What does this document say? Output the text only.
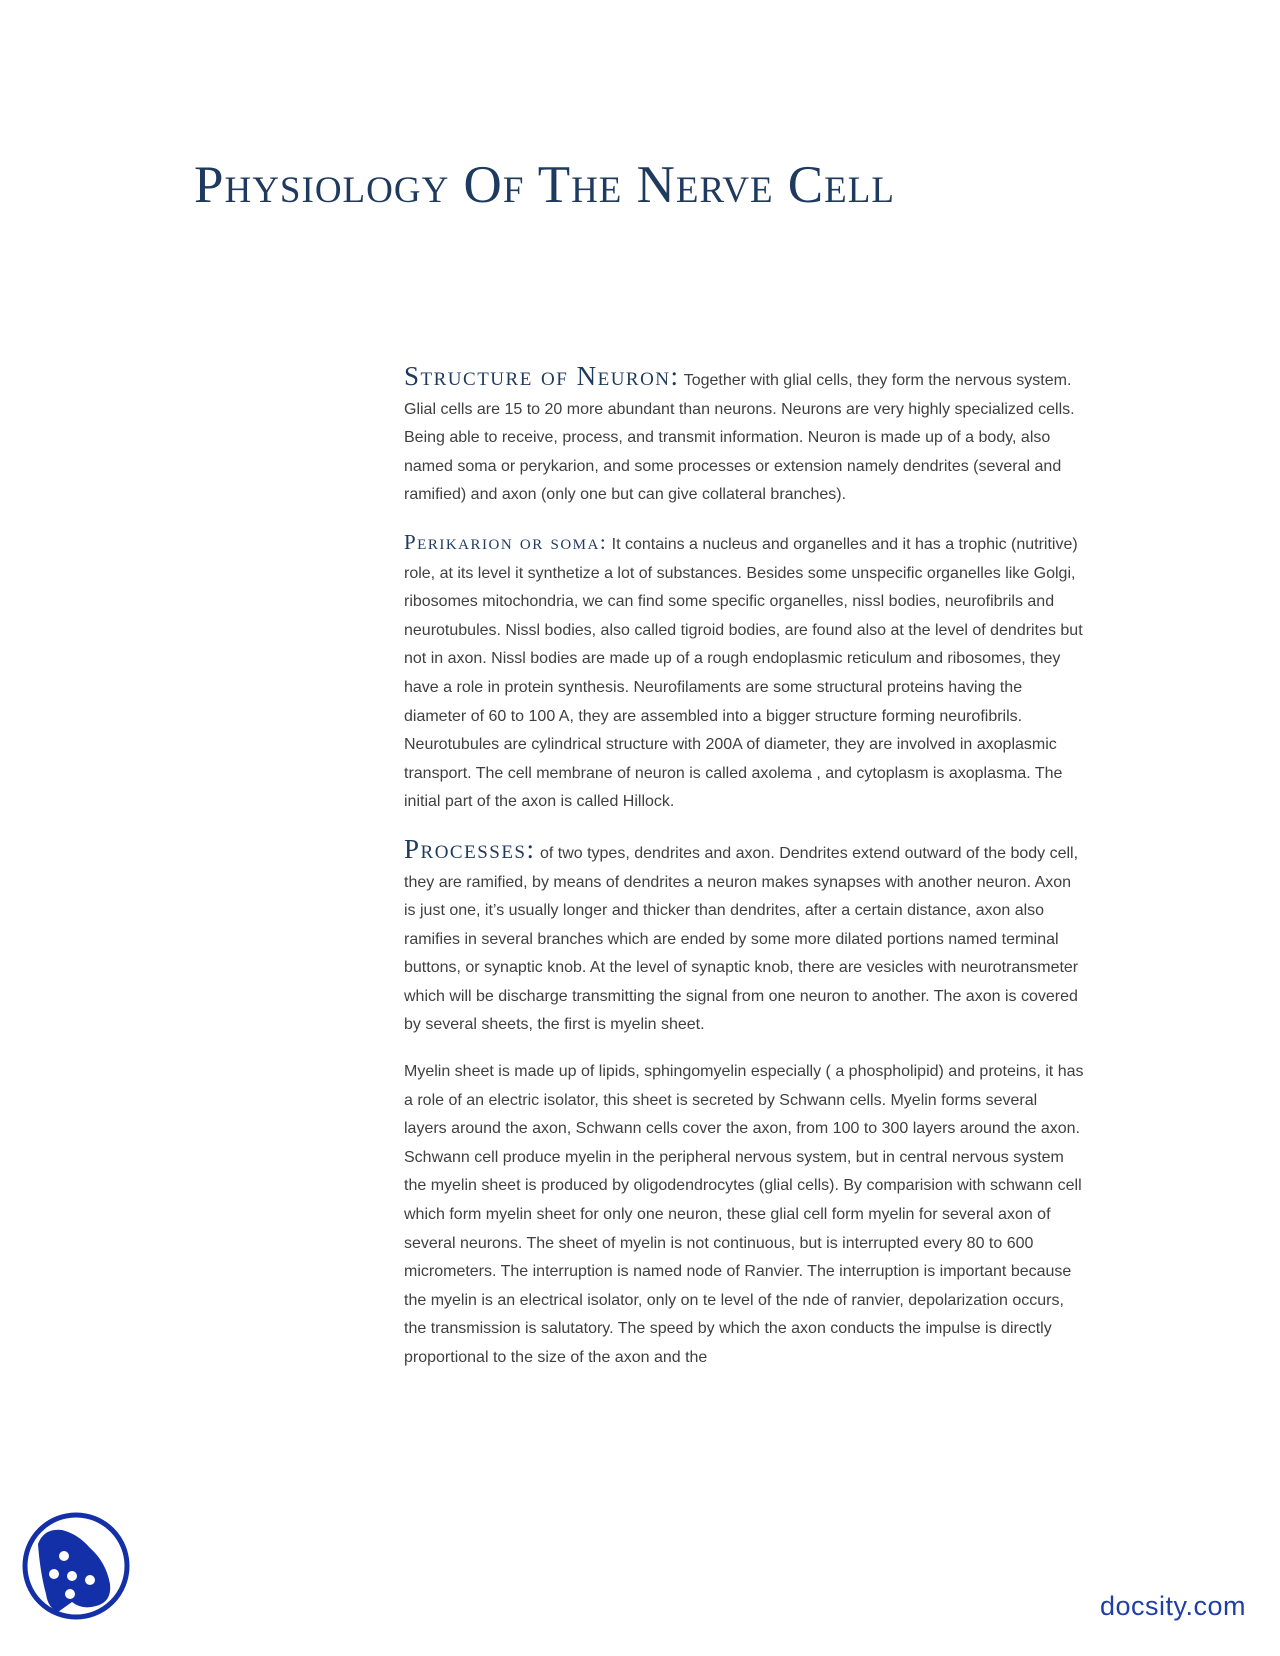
Physiology Of The Nerve Cell

Structure of Neuron: Together with glial cells, they form the nervous system. Glial cells are 15 to 20 more abundant than neurons. Neurons are very highly specialized cells. Being able to receive, process, and transmit information. Neuron is made up of a body, also named soma or perykarion, and some processes or extension namely dendrites (several and ramified) and axon (only one but can give collateral branches).

Perikarion or soma: It contains a nucleus and organelles and it has a trophic (nutritive) role, at its level it synthetize a lot of substances. Besides some unspecific organelles like Golgi, ribosomes mitochondria, we can find some specific organelles, nissl bodies, neurofibrils and neurotubules. Nissl bodies, also called tigroid bodies, are found also at the level of dendrites but not in axon. Nissl bodies are made up of a rough endoplasmic reticulum and ribosomes, they have a role in protein synthesis. Neurofilaments are some structural proteins having the diameter of 60 to 100 A, they are assembled into a bigger structure forming neurofibrils. Neurotubules are cylindrical structure with 200A of diameter, they are involved in axoplasmic transport. The cell membrane of neuron is called axolema , and cytoplasm is axoplasma. The initial part of the axon is called Hillock.

Processes: of two types, dendrites and axon. Dendrites extend outward of the body cell, they are ramified, by means of dendrites a neuron makes synapses with another neuron. Axon is just one, it’s usually longer and thicker than dendrites, after a certain distance, axon also ramifies in several branches which are ended by some more dilated portions named terminal buttons, or synaptic knob. At the level of synaptic knob, there are vesicles with neurotransmeter which will be discharge transmitting the signal from one neuron to another. The axon is covered by several sheets, the first is myelin sheet.

Myelin sheet is made up of lipids, sphingomyelin especially ( a phospholipid) and proteins, it has a role of an electric isolator, this sheet is secreted by Schwann cells. Myelin forms several layers around the axon, Schwann cells cover the axon, from 100 to 300 layers around the axon. Schwann cell produce myelin in the peripheral nervous system, but in central nervous system the myelin sheet is produced by oligodendrocytes (glial cells). By comparision with schwann cell which form myelin sheet for only one neuron, these glial cell form myelin for several axon of several neurons. The sheet of myelin is not continuous, but is interrupted every 80 to 600 micrometers. The interruption is named node of Ranvier. The interruption is important because the myelin is an electrical isolator, only on te level of the nde of ranvier, depolarization occurs, the transmission is salutatory. The speed by which the axon conducts the impulse is directly proportional to the size of the axon and the

docsity.com
